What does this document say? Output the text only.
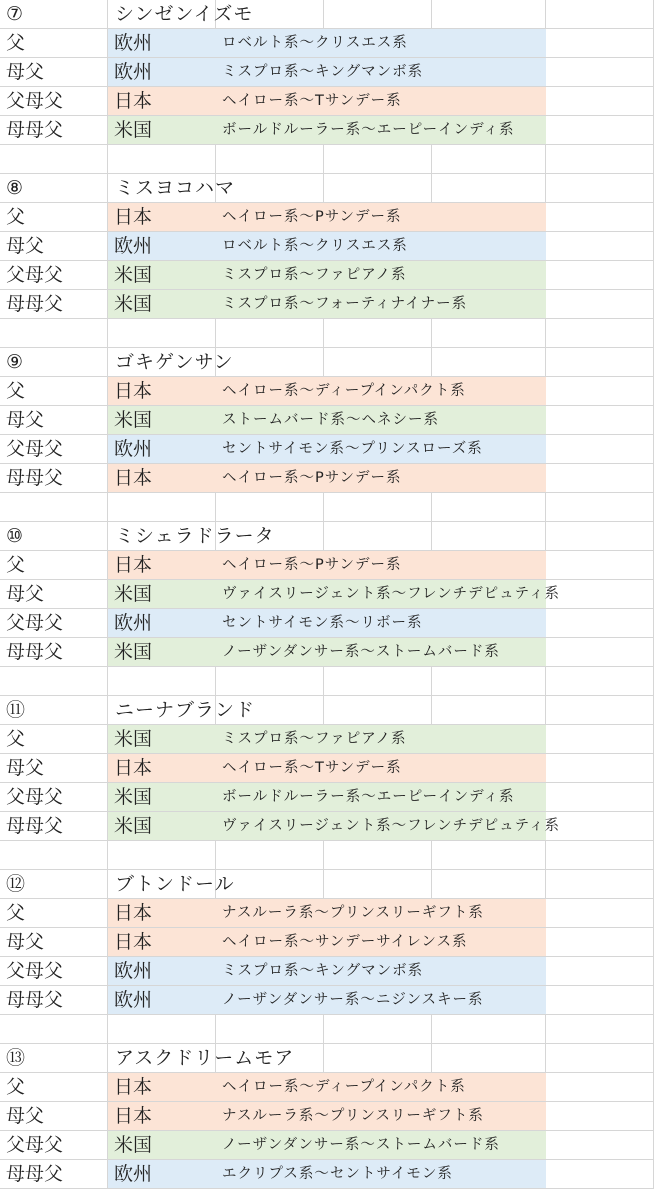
⑦	シンゼンイズモ
父	欧州	ロベルト系～クリスエス系
母父	欧州	ミスプロ系～キングマンボ系
父母父	日本	ヘイロー系～Tサンデー系
母母父	米国	ボールドルーラー系～エーピーインディ系
⑧	ミスヨコハマ
父	日本	ヘイロー系～Pサンデー系
母父	欧州	ロベルト系～クリスエス系
父母父	米国	ミスプロ系～ファピアノ系
母母父	米国	ミスプロ系～フォーティナイナー系
⑨	ゴキゲンサン
父	日本	ヘイロー系～ディープインパクト系
母父	米国	ストームバード系～ヘネシー系
父母父	欧州	セントサイモン系～プリンスローズ系
母母父	日本	ヘイロー系～Pサンデー系
⑩	ミシェラドラータ
父	日本	ヘイロー系～Pサンデー系
母父	米国	ヴァイスリージェント系～フレンチデピュティ系
父母父	欧州	セントサイモン系～リボー系
母母父	米国	ノーザンダンサー系～ストームバード系
⑪	ニーナブランド
父	米国	ミスプロ系～ファピアノ系
母父	日本	ヘイロー系～Tサンデー系
父母父	米国	ボールドルーラー系～エーピーインディ系
母母父	米国	ヴァイスリージェント系～フレンチデピュティ系
⑫	ブトンドール
父	日本	ナスルーラ系～プリンスリーギフト系
母父	日本	ヘイロー系～サンデーサイレンス系
父母父	欧州	ミスプロ系～キングマンボ系
母母父	欧州	ノーザンダンサー系～ニジンスキー系
⑬	アスクドリームモア
父	日本	ヘイロー系～ディープインパクト系
母父	日本	ナスルーラ系～プリンスリーギフト系
父母父	米国	ノーザンダンサー系～ストームバード系
母母父	欧州	エクリプス系～セントサイモン系
